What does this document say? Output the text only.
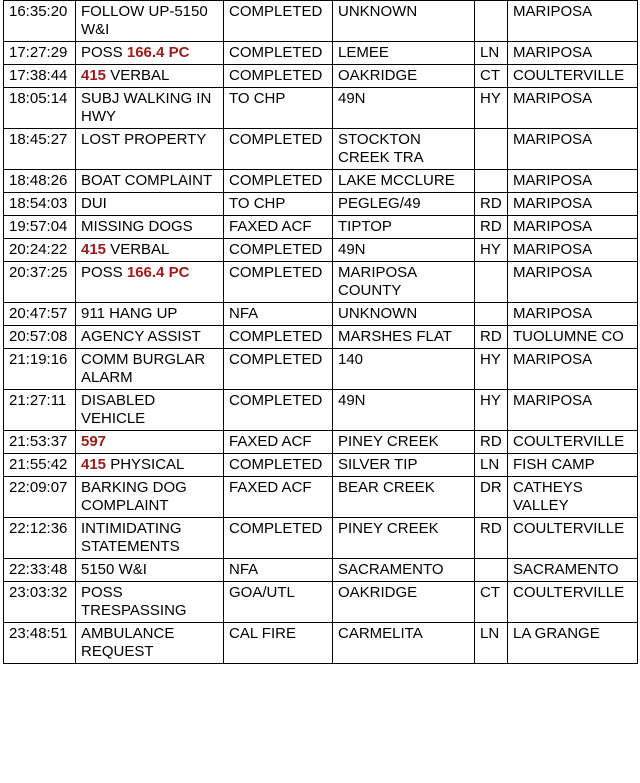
16:35:20	FOLLOW UP-5150 W&I	COMPLETED	UNKNOWN		MARIPOSA
17:27:29	POSS 166.4 PC	COMPLETED	LEMEE	LN	MARIPOSA
17:38:44	415 VERBAL	COMPLETED	OAKRIDGE	CT	COULTERVILLE
18:05:14	SUBJ WALKING IN HWY	TO CHP	49N	HY	MARIPOSA
18:45:27	LOST PROPERTY	COMPLETED	STOCKTON CREEK TRA		MARIPOSA
18:48:26	BOAT COMPLAINT	COMPLETED	LAKE MCCLURE		MARIPOSA
18:54:03	DUI	TO CHP	PEGLEG/49	RD	MARIPOSA
19:57:04	MISSING DOGS	FAXED ACF	TIPTOP	RD	MARIPOSA
20:24:22	415 VERBAL	COMPLETED	49N	HY	MARIPOSA
20:37:25	POSS 166.4 PC	COMPLETED	MARIPOSA COUNTY		MARIPOSA
20:47:57	911 HANG UP	NFA	UNKNOWN		MARIPOSA
20:57:08	AGENCY ASSIST	COMPLETED	MARSHES FLAT	RD	TUOLUMNE CO
21:19:16	COMM BURGLAR ALARM	COMPLETED	140	HY	MARIPOSA
21:27:11	DISABLED VEHICLE	COMPLETED	49N	HY	MARIPOSA
21:53:37	597	FAXED ACF	PINEY CREEK	RD	COULTERVILLE
21:55:42	415 PHYSICAL	COMPLETED	SILVER TIP	LN	FISH CAMP
22:09:07	BARKING DOG COMPLAINT	FAXED ACF	BEAR CREEK	DR	CATHEYS VALLEY
22:12:36	INTIMIDATING STATEMENTS	COMPLETED	PINEY CREEK	RD	COULTERVILLE
22:33:48	5150 W&I	NFA	SACRAMENTO		SACRAMENTO
23:03:32	POSS TRESPASSING	GOA/UTL	OAKRIDGE	CT	COULTERVILLE
23:48:51	AMBULANCE REQUEST	CAL FIRE	CARMELITA	LN	LA GRANGE
